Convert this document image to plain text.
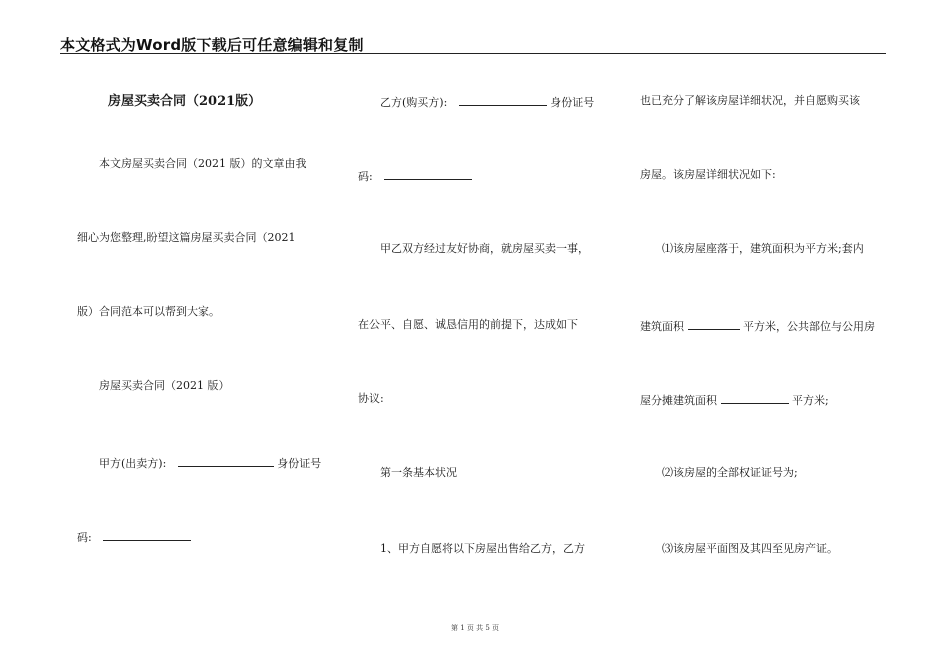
本文格式为Word版下载后可任意编辑和复制
房屋买卖合同（2021版）
本文房屋买卖合同（2021 版）的文章由我
细心为您整理,盼望这篇房屋买卖合同（2021
版）合同范本可以帮到大家。
房屋买卖合同（2021 版）
甲方(出卖方):	身份证号
码:
乙方(购买方):	身份证号
码:
甲乙双方经过友好协商，就房屋买卖一事，
在公平、自愿、诚恳信用的前提下，达成如下
协议:
第一条基本状况
1、甲方自愿将以下房屋出售给乙方，乙方
也已充分了解该房屋详细状况，并自愿购买该
房屋。该房屋详细状况如下:
⑴该房屋座落于，建筑面积为平方米;套内
建筑面积	平方米，公共部位与公用房
屋分摊建筑面积	平方米;
⑵该房屋的全部权证证号为;
⑶该房屋平面图及其四至见房产证。
第 1 页 共 5 页
